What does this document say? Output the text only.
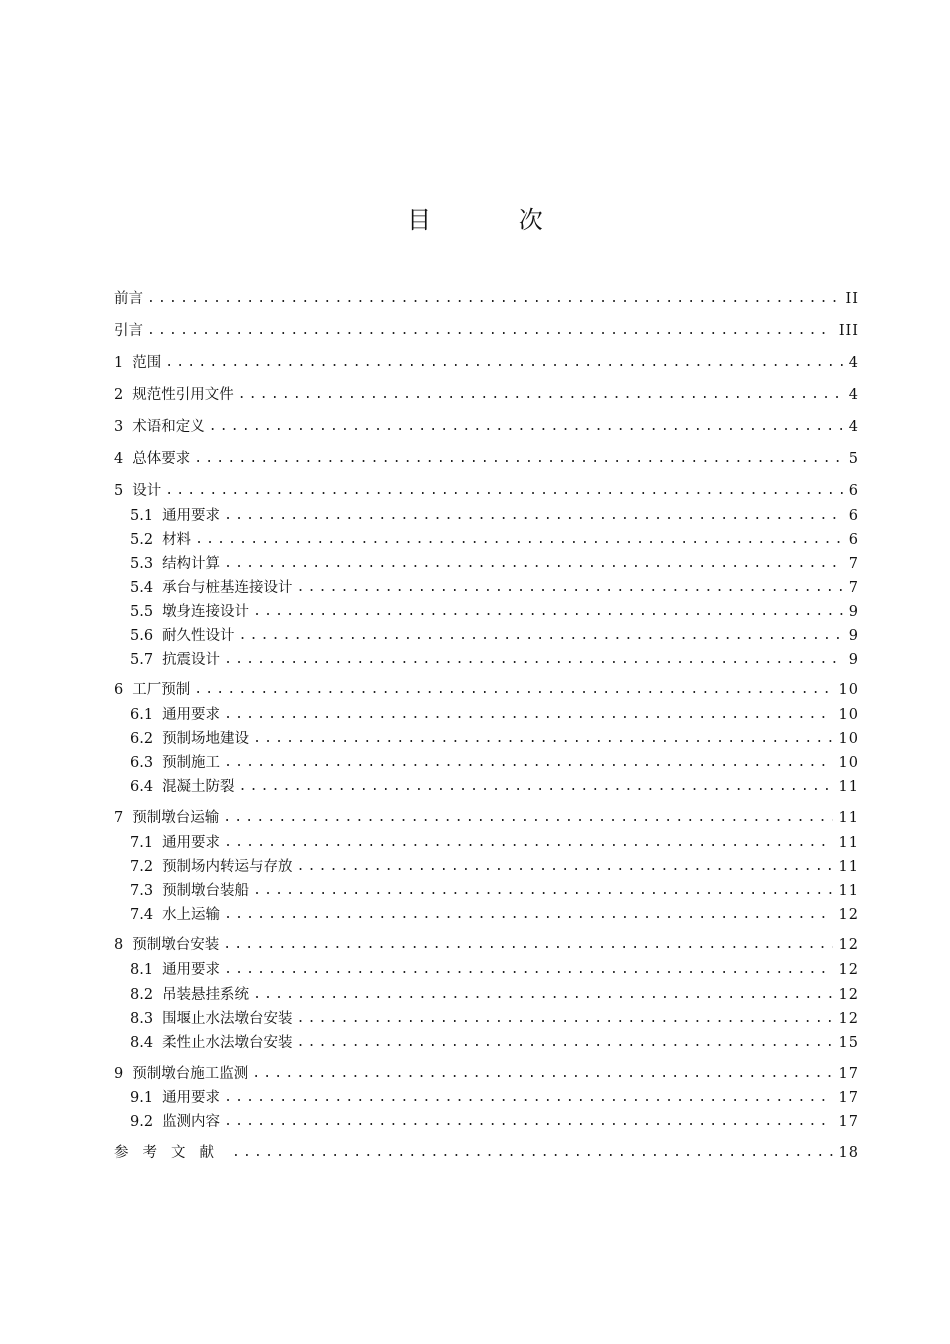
目 次
前言 .....	II
引言 .....	III
1 范围 .....	4
2 规范性引用文件 .....	4
3 术语和定义 .....	4
4 总体要求 .....	5
5 设计 .....	6
5.1 通用要求 .....	6
5.2 材料 .....	6
5.3 结构计算 .....	7
5.4 承台与桩基连接设计 .....	7
5.5 墩身连接设计 .....	9
5.6 耐久性设计 .....	9
5.7 抗震设计 .....	9
6 工厂预制 .....	10
6.1 通用要求 .....	10
6.2 预制场地建设 .....	10
6.3 预制施工 .....	10
6.4 混凝土防裂 .....	11
7 预制墩台运输 .....	11
7.1 通用要求 .....	11
7.2 预制场内转运与存放 .....	11
7.3 预制墩台装船 .....	11
7.4 水上运输 .....	12
8 预制墩台安装 .....	12
8.1 通用要求 .....	12
8.2 吊装悬挂系统 .....	12
8.3 围堰止水法墩台安装 .....	12
8.4 柔性止水法墩台安装 .....	15
9 预制墩台施工监测 .....	17
9.1 通用要求 .....	17
9.2 监测内容 .....	17
参考文献 .....	18
